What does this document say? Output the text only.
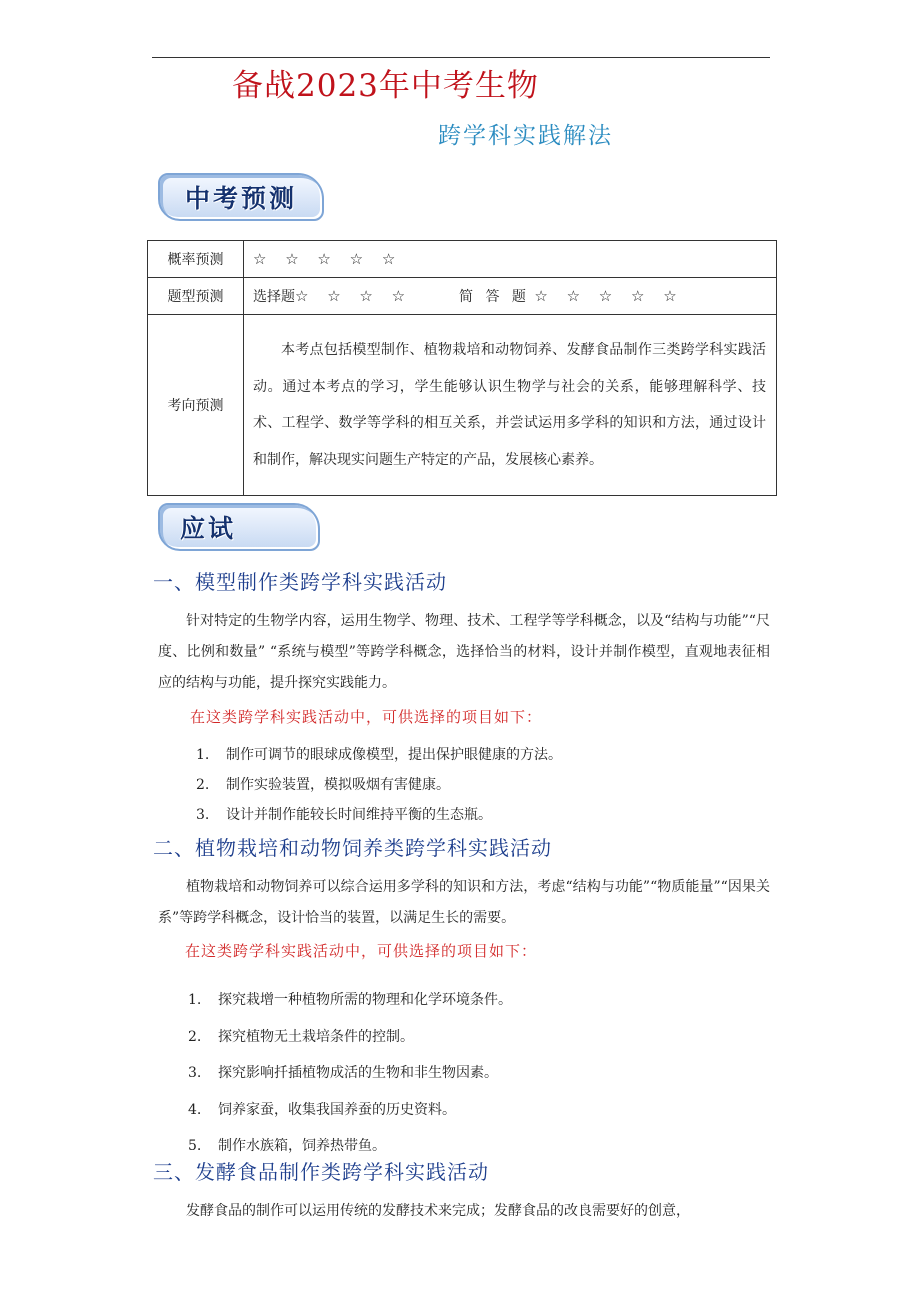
备战2023年中考生物
跨学科实践解法
中考预测
概率预测	☆ ☆ ☆ ☆ ☆
题型预测	选择题☆ ☆ ☆ ☆ 简 答 题 ☆ ☆ ☆ ☆ ☆
考向预测	本考点包括模型制作、植物栽培和动物饲养、发酵食品制作三类跨学科实践活动。通过本考点的学习，学生能够认识生物学与社会的关系，能够理解科学、技术、工程学、数学等学科的相互关系，并尝试运用多学科的知识和方法，通过设计和制作，解决现实问题生产特定的产品，发展核心素养。
应试
一、模型制作类跨学科实践活动
针对特定的生物学内容，运用生物学、物理、技术、工程学等学科概念，以及“结构与功能”“尺度、比例和数量” “系统与模型”等跨学科概念，选择恰当的材料，设计并制作模型，直观地表征相应的结构与功能，提升探究实践能力。
在这类跨学科实践活动中，可供选择的项目如下：
1. 制作可调节的眼球成像模型，提出保护眼健康的方法。
2. 制作实验装置，模拟吸烟有害健康。
3. 设计并制作能较长时间维持平衡的生态瓶。
二、植物栽培和动物饲养类跨学科实践活动
植物栽培和动物饲养可以综合运用多学科的知识和方法，考虑“结构与功能”“物质能量”“因果关系”等跨学科概念，设计恰当的装置，以满足生长的需要。
在这类跨学科实践活动中，可供选择的项目如下：
1. 探究栽增一种植物所需的物理和化学环境条件。
2. 探究植物无土栽培条件的控制。
3. 探究影响扦插植物成活的生物和非生物因素。
4. 饲养家蚕，收集我国养蚕的历史资料。
5. 制作水族箱，饲养热带鱼。
三、发酵食品制作类跨学科实践活动
发酵食品的制作可以运用传统的发酵技术来完成；发酵食品的改良需要好的创意，
